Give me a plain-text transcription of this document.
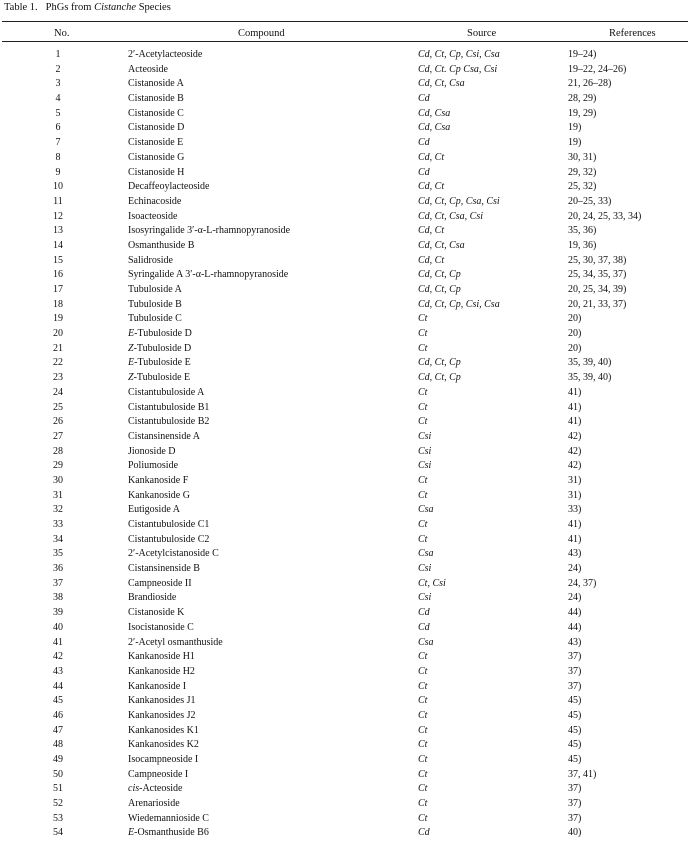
Table 1. PhGs from Cistanche Species
No.	Compound	Source	References
1	2′-Acetylacteoside	Cd, Ct, Cp, Csi, Csa	19–24)
2	Acteoside	Cd, Ct. Cp Csa, Csi	19–22, 24–26)
3	Cistanoside A	Cd, Ct, Csa	21, 26–28)
4	Cistanoside B	Cd	28, 29)
5	Cistanoside C	Cd, Csa	19, 29)
6	Cistanoside D	Cd, Csa	19)
7	Cistanoside E	Cd	19)
8	Cistanoside G	Cd, Ct	30, 31)
9	Cistanoside H	Cd	29, 32)
10	Decaffeoylacteoside	Cd, Ct	25, 32)
11	Echinacoside	Cd, Ct, Cp, Csa, Csi	20–25, 33)
12	Isoacteoside	Cd, Ct, Csa, Csi	20, 24, 25, 33, 34)
13	Isosyringalide 3′-α-L-rhamnopyranoside	Cd, Ct	35, 36)
14	Osmanthuside B	Cd, Ct, Csa	19, 36)
15	Salidroside	Cd, Ct	25, 30, 37, 38)
16	Syringalide A 3′-α-L-rhamnopyranoside	Cd, Ct, Cp	25, 34, 35, 37)
17	Tubuloside A	Cd, Ct, Cp	20, 25, 34, 39)
18	Tubuloside B	Cd, Ct, Cp, Csi, Csa	20, 21, 33, 37)
19	Tubuloside C	Ct	20)
20	E-Tubuloside D	Ct	20)
21	Z-Tubuloside D	Ct	20)
22	E-Tubuloside E	Cd, Ct, Cp	35, 39, 40)
23	Z-Tubuloside E	Cd, Ct, Cp	35, 39, 40)
24	Cistantubuloside A	Ct	41)
25	Cistantubuloside B1	Ct	41)
26	Cistantubuloside B2	Ct	41)
27	Cistansinenside A	Csi	42)
28	Jionoside D	Csi	42)
29	Poliumoside	Csi	42)
30	Kankanoside F	Ct	31)
31	Kankanoside G	Ct	31)
32	Eutigoside A	Csa	33)
33	Cistantubuloside C1	Ct	41)
34	Cistantubuloside C2	Ct	41)
35	2′-Acetylcistanoside C	Csa	43)
36	Cistansinenside B	Csi	24)
37	Campneoside II	Ct, Csi	24, 37)
38	Brandioside	Csi	24)
39	Cistanoside K	Cd	44)
40	Isocistanoside C	Cd	44)
41	2′-Acetyl osmanthuside	Csa	43)
42	Kankanoside H1	Ct	37)
43	Kankanoside H2	Ct	37)
44	Kankanoside I	Ct	37)
45	Kankanosides J1	Ct	45)
46	Kankanosides J2	Ct	45)
47	Kankanosides K1	Ct	45)
48	Kankanosides K2	Ct	45)
49	Isocampneoside I	Ct	45)
50	Campneoside I	Ct	37, 41)
51	cis-Acteoside	Ct	37)
52	Arenarioside	Ct	37)
53	Wiedemannioside C	Ct	37)
54	E-Osmanthuside B6	Cd	40)
